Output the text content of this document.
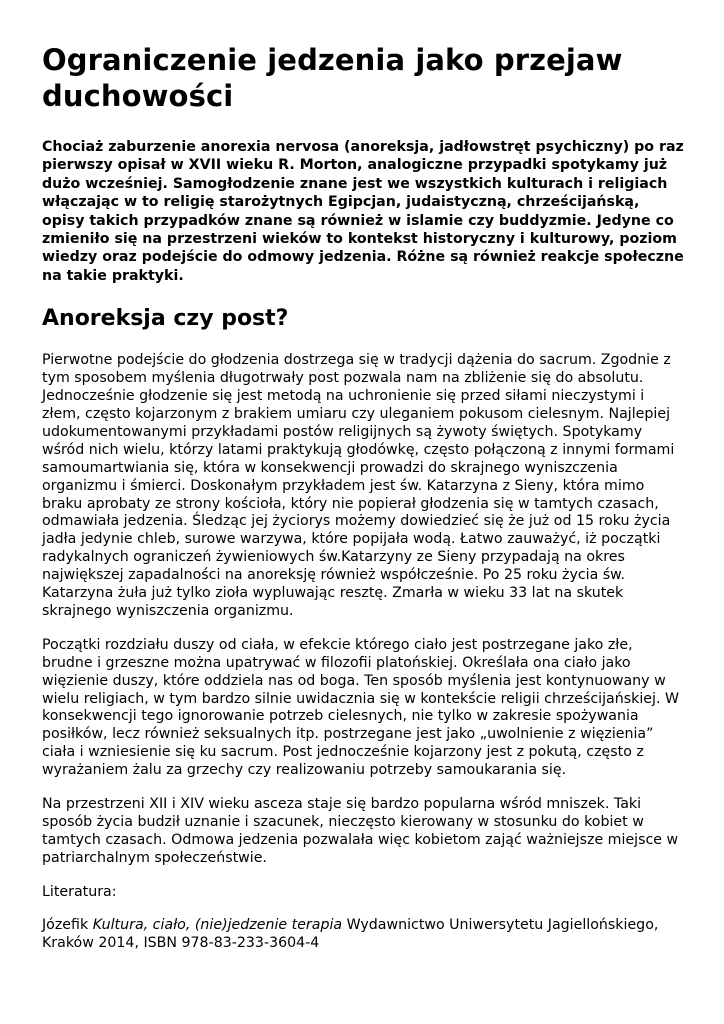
Ograniczenie jedzenia jako przejaw duchowości

Chociaż zaburzenie anorexia nervosa (anoreksja, jadłowstręt psychiczny) po raz pierwszy opisał w XVII wieku R. Morton, analogiczne przypadki spotykamy już dużo wcześniej. Samogłodzenie znane jest we wszystkich kulturach i religiach włączając w to religię starożytnych Egipcjan, judaistyczną, chrześcijańską, opisy takich przypadków znane są również w islamie czy buddyzmie. Jedyne co zmieniło się na przestrzeni wieków to kontekst historyczny i kulturowy, poziom wiedzy oraz podejście do odmowy jedzenia. Różne są również reakcje społeczne na takie praktyki.

Anoreksja czy post?

Pierwotne podejście do głodzenia dostrzega się w tradycji dążenia do sacrum. Zgodnie z tym sposobem myślenia długotrwały post pozwala nam na zbliżenie się do absolutu. Jednocześnie głodzenie się jest metodą na uchronienie się przed siłami nieczystymi i złem, często kojarzonym z brakiem umiaru czy uleganiem pokusom cielesnym. Najlepiej udokumentowanymi przykładami postów religijnych są żywoty świętych. Spotykamy wśród nich wielu, którzy latami praktykują głodówkę, często połączoną z innymi formami samoumartwiania się, która w konsekwencji prowadzi do skrajnego wyniszczenia organizmu i śmierci. Doskonałym przykładem jest św. Katarzyna z Sieny, która mimo braku aprobaty ze strony kościoła, który nie popierał głodzenia się w tamtych czasach, odmawiała jedzenia. Śledząc jej życiorys możemy dowiedzieć się że już od 15 roku życia jadła jedynie chleb, surowe warzywa, które popijała wodą. Łatwo zauważyć, iż początki radykalnych ograniczeń żywieniowych św.Katarzyny ze Sieny przypadają na okres największej zapadalności na anoreksję również współcześnie. Po 25 roku życia św. Katarzyna żuła już tylko zioła wypluwając resztę. Zmarła w wieku 33 lat na skutek skrajnego wyniszczenia organizmu.

Początki rozdziału duszy od ciała, w efekcie którego ciało jest postrzegane jako złe, brudne i grzeszne można upatrywać w filozofii platońskiej. Określała ona ciało jako więzienie duszy, które oddziela nas od boga. Ten sposób myślenia jest kontynuowany w wielu religiach, w tym bardzo silnie uwidacznia się w kontekście religii chrześcijańskiej. W konsekwencji tego ignorowanie potrzeb cielesnych, nie tylko w zakresie spożywania posiłków, lecz również seksualnych itp. postrzegane jest jako „uwolnienie z więzienia” ciała i wzniesienie się ku sacrum. Post jednocześnie kojarzony jest z pokutą, często z wyrażaniem żalu za grzechy czy realizowaniu potrzeby samoukarania się.

Na przestrzeni XII i XIV wieku asceza staje się bardzo popularna wśród mniszek. Taki sposób życia budził uznanie i szacunek, nieczęsto kierowany w stosunku do kobiet w tamtych czasach. Odmowa jedzenia pozwalała więc kobietom zająć ważniejsze miejsce w patriarchalnym społeczeństwie.

Literatura:

Józefik Kultura, ciało, (nie)jedzenie terapia Wydawnictwo Uniwersytetu Jagiellońskiego, Kraków 2014, ISBN 978-83-233-3604-4
